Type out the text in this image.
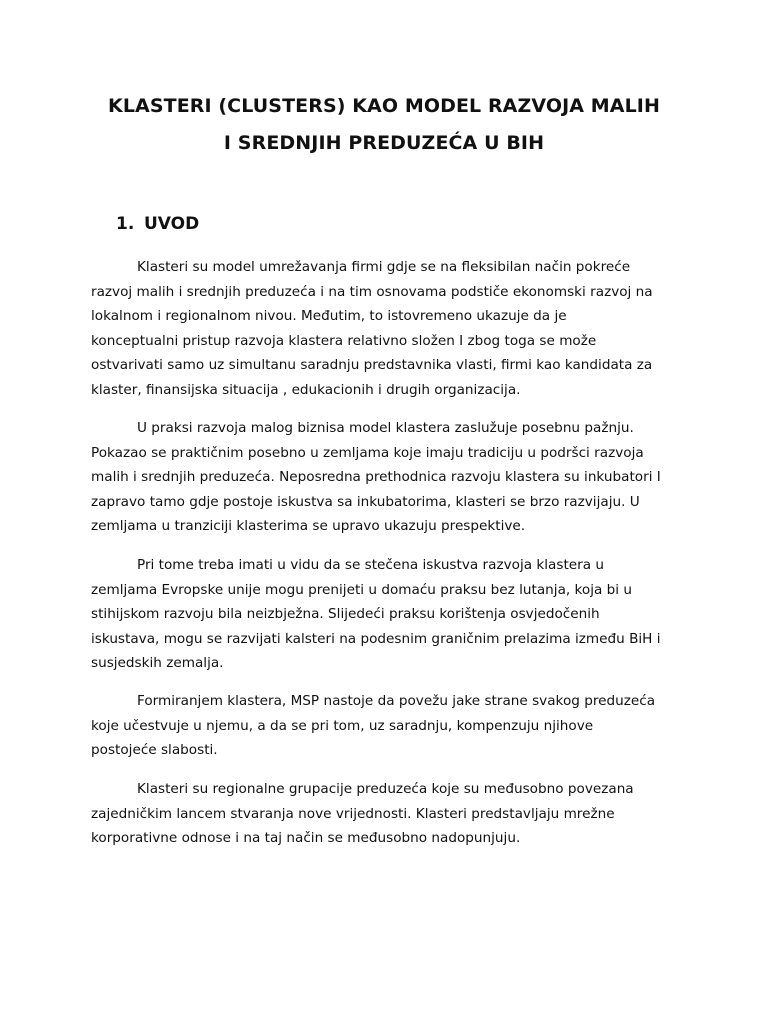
KLASTERI (CLUSTERS) KAO MODEL RAZVOJA MALIH
I SREDNJIH PREDUZEĆA U BIH
1. UVOD

Klasteri su model umrežavanja firmi gdje se na fleksibilan način pokreće
razvoj malih i srednjih preduzeća i na tim osnovama podstiče ekonomski razvoj na
lokalnom i regionalnom nivou. Međutim, to istovremeno ukazuje da je
konceptualni pristup razvoja klastera relativno složen I zbog toga se može
ostvarivati samo uz simultanu saradnju predstavnika vlasti, firmi kao kandidata za
klaster, finansijska situacija , edukacionih i drugih organizacija.

U praksi razvoja malog biznisa model klastera zaslužuje posebnu pažnju.
Pokazao se praktičnim posebno u zemljama koje imaju tradiciju u podršci razvoja
malih i srednjih preduzeća. Neposredna prethodnica razvoju klastera su inkubatori I
zapravo tamo gdje postoje iskustva sa inkubatorima, klasteri se brzo razvijaju. U
zemljama u tranziciji klasterima se upravo ukazuju prespektive.

Pri tome treba imati u vidu da se stečena iskustva razvoja klastera u
zemljama Evropske unije mogu prenijeti u domaću praksu bez lutanja, koja bi u
stihijskom razvoju bila neizbježna. Slijedeći praksu korištenja osvjedočenih
iskustava, mogu se razvijati kalsteri na podesnim graničnim prelazima između BiH i
susjedskih zemalja.

Formiranjem klastera, MSP nastoje da povežu jake strane svakog preduzeća
koje učestvuje u njemu, a da se pri tom, uz saradnju, kompenzuju njihove
postojeće slabosti.

Klasteri su regionalne grupacije preduzeća koje su međusobno povezana
zajedničkim lancem stvaranja nove vrijednosti. Klasteri predstavljaju mrežne
korporativne odnose i na taj način se međusobno nadopunjuju.
